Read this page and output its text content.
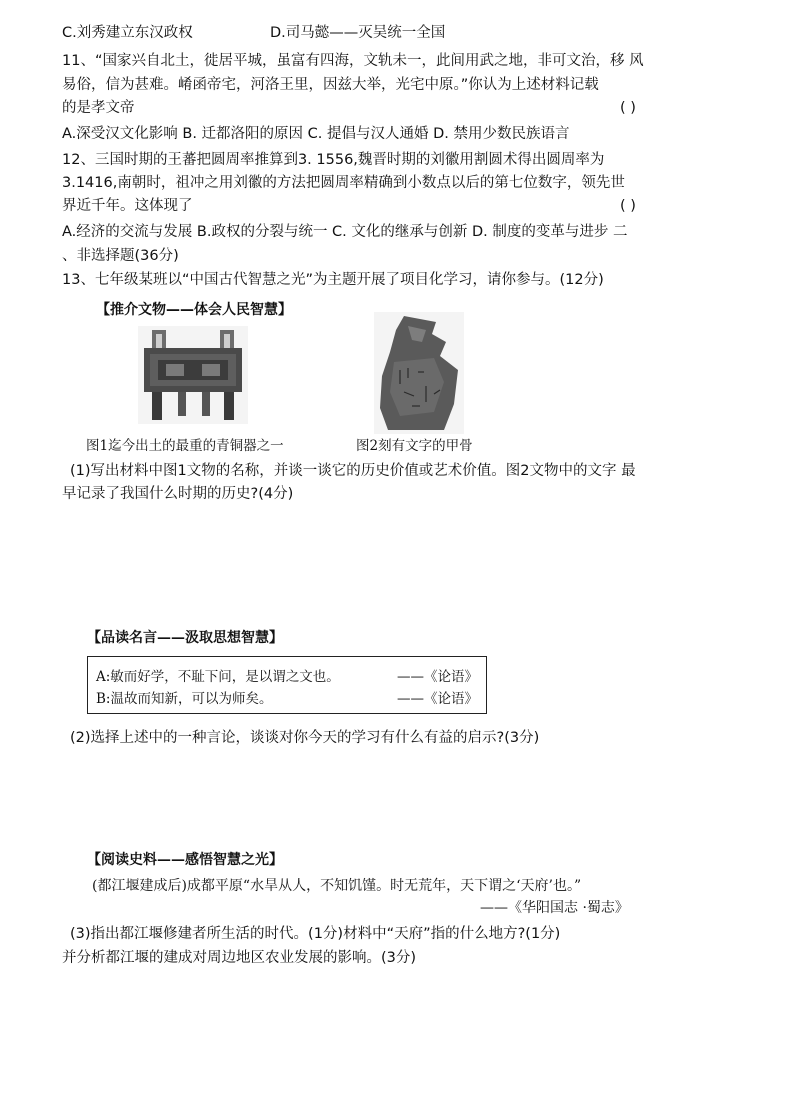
C.刘秀建立东汉政权	D.司马懿——灭吴统一全国
11、“国家兴自北土，徙居平城，虽富有四海，文轨未一，此间用武之地，非可文治，移 风
易俗，信为甚难。崤函帝宅，河洛王里，因兹大举，光宅中原。”你认为上述材料记载
的是孝文帝	( )
A.深受汉文化影响 B. 迁都洛阳的原因 C. 提倡与汉人通婚 D. 禁用少数民族语言
12、三国时期的王蕃把圆周率推算到3. 1556,魏晋时期的刘徽用割圆术得出圆周率为
3.1416,南朝时，祖冲之用刘徽的方法把圆周率精确到小数点以后的第七位数字，领先世
界近千年。这体现了	( )
A.经济的交流与发展 B.政权的分裂与统一 C. 文化的继承与创新 D. 制度的变革与进步 二
、非选择题(36分)
13、七年级某班以“中国古代智慧之光”为主题开展了项目化学习，请你参与。(12分)
【推介文物——体会人民智慧】
图1迄今出土的最重的青铜器之一	图2刻有文字的甲骨
(1)写出材料中图1文物的名称，并谈一谈它的历史价值或艺术价值。图2文物中的文字 最
早记录了我国什么时期的历史?(4分)
【品读名言——汲取思想智慧】
A:敏而好学，不耻下问，是以谓之文也。	——《论语》
B:温故而知新，可以为师矣。	——《论语》
(2)选择上述中的一种言论，谈谈对你今天的学习有什么有益的启示?(3分)
【阅读史料——感悟智慧之光】
(都江堰建成后)成都平原“水旱从人，不知饥馑。时无荒年，天下谓之‘天府’也。”
——《华阳国志 ·蜀志》
(3)指出都江堰修建者所生活的时代。(1分)材料中“天府”指的什么地方?(1分)
并分析都江堰的建成对周边地区农业发展的影响。(3分)
